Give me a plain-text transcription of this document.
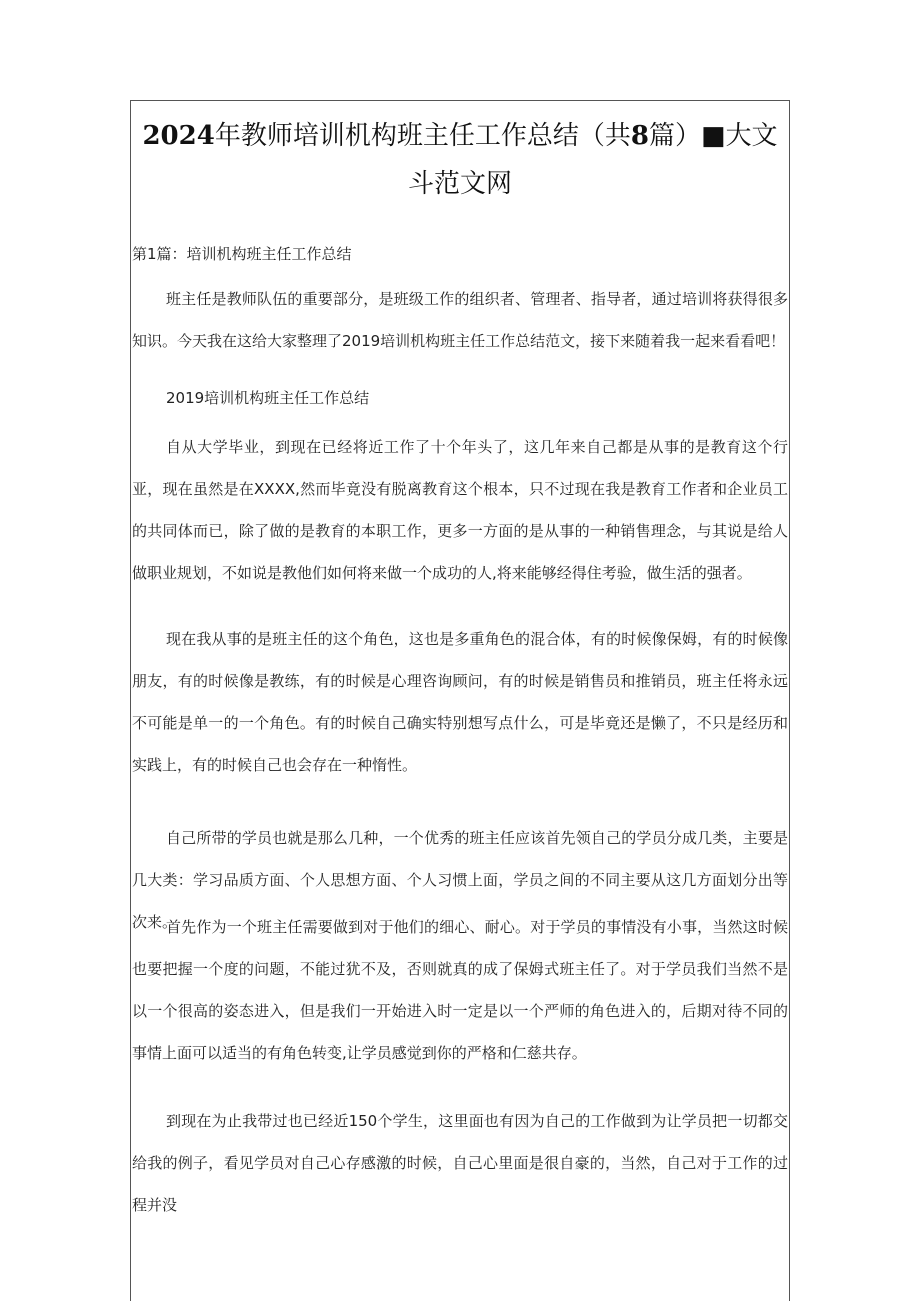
2024年教师培训机构班主任工作总结（共8篇）■大文斗范文网
第1篇：培训机构班主任工作总结

班主任是教师队伍的重要部分，是班级工作的组织者、管理者、指导者，通过培训将获得很多知识。今天我在这给大家整理了2019培训机构班主任工作总结范文，接下来随着我一起来看看吧！

2019培训机构班主任工作总结

自从大学毕业，到现在已经将近工作了十个年头了，这几年来自己都是从事的是教育这个行亚，现在虽然是在XXXX,然而毕竟没有脱离教育这个根本，只不过现在我是教育工作者和企业员工的共同体而已，除了做的是教育的本职工作，更多一方面的是从事的一种销售理念，与其说是给人做职业规划，不如说是教他们如何将来做一个成功的人,将来能够经得住考验，做生活的强者。

现在我从事的是班主任的这个角色，这也是多重角色的混合体，有的时候像保姆，有的时候像朋友，有的时候像是教练，有的时候是心理咨询顾问，有的时候是销售员和推销员，班主任将永远不可能是单一的一个角色。有的时候自己确实特别想写点什么，可是毕竟还是懒了，不只是经历和实践上，有的时候自己也会存在一种惰性。

自己所带的学员也就是那么几种，一个优秀的班主任应该首先领自己的学员分成几类，主要是几大类：学习品质方面、个人思想方面、个人习惯上面，学员之间的不同主要从这几方面划分出等次来。

首先作为一个班主任需要做到对于他们的细心、耐心。对于学员的事情没有小事，当然这时候也要把握一个度的问题，不能过犹不及，否则就真的成了保姆式班主任了。对于学员我们当然不是以一个很高的姿态进入，但是我们一开始进入时一定是以一个严师的角色进入的，后期对待不同的事情上面可以适当的有角色转变,让学员感觉到你的严格和仁慈共存。

到现在为止我带过也已经近150个学生，这里面也有因为自己的工作做到为让学员把一切都交给我的例子，看见学员对自己心存感激的时候，自己心里面是很自豪的，当然，自己对于工作的过程并没
